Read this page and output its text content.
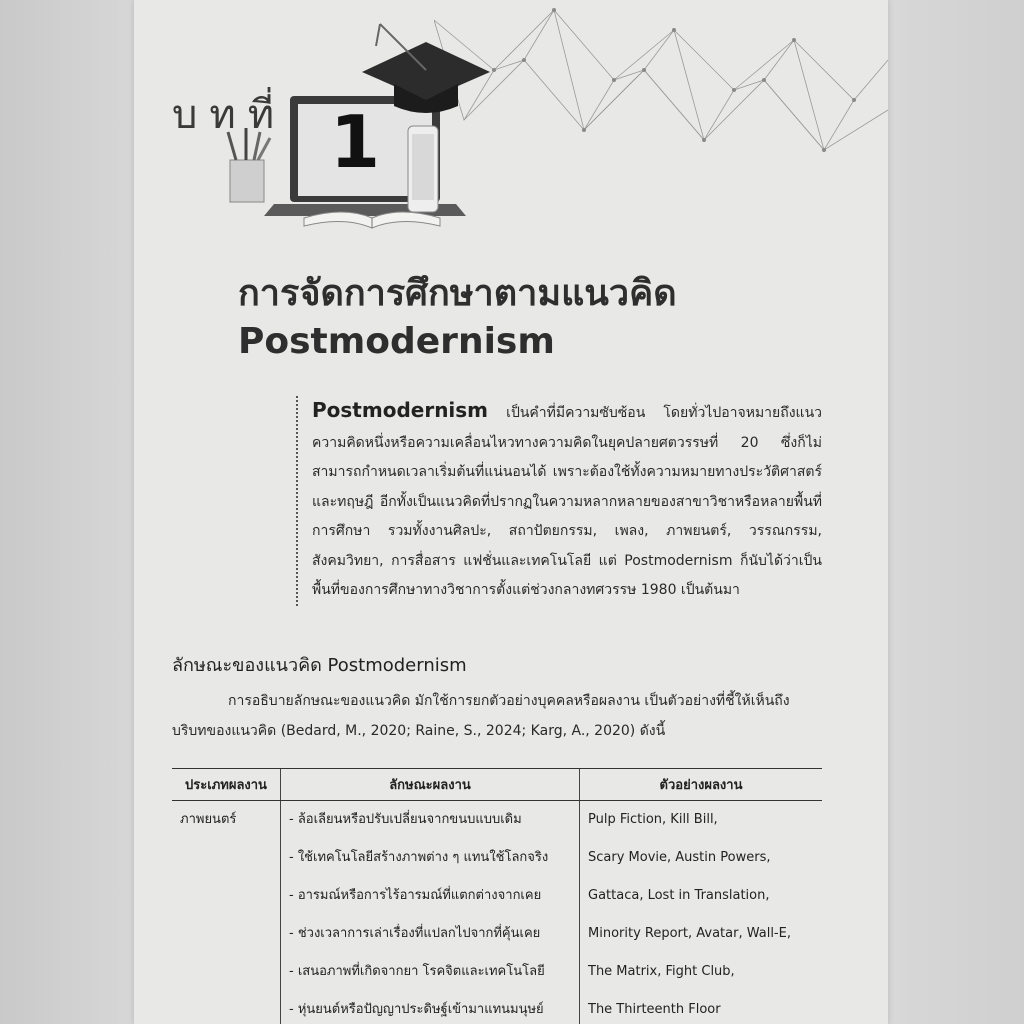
บทที่ 1
การจัดการศึกษาตามแนวคิด
Postmodernism
Postmodernism เป็นคำที่มีความซับซ้อน โดยทั่วไปอาจหมายถึงแนวความคิดหนึ่งหรือความเคลื่อนไหวทางความคิดในยุคปลายศตวรรษที่ 20 ซึ่งก็ไม่สามารถกำหนดเวลาเริ่มต้นที่แน่นอนได้ เพราะต้องใช้ทั้งความหมายทางประวัติศาสตร์และทฤษฎี อีกทั้งเป็นแนวคิดที่ปรากฏในความหลากหลายของสาขาวิชาหรือหลายพื้นที่การศึกษา รวมทั้งงานศิลปะ, สถาปัตยกรรม, เพลง, ภาพยนตร์, วรรณกรรม, สังคมวิทยา, การสื่อสาร แฟชั่นและเทคโนโลยี แต่ Postmodernism ก็นับได้ว่าเป็นพื้นที่ของการศึกษาทางวิชาการตั้งแต่ช่วงกลางทศวรรษ 1980 เป็นต้นมา
ลักษณะของแนวคิด Postmodernism
การอธิบายลักษณะของแนวคิด มักใช้การยกตัวอย่างบุคคลหรือผลงาน เป็นตัวอย่างที่ชี้ให้เห็นถึงบริบทของแนวคิด (Bedard, M., 2020; Raine, S., 2024; Karg, A., 2020) ดังนี้
ประเภทผลงาน	ลักษณะผลงาน	ตัวอย่างผลงาน
ภาพยนตร์	- ล้อเลียนหรือปรับเปลี่ยนจากขนบแบบเดิม	Pulp Fiction, Kill Bill,
	- ใช้เทคโนโลยีสร้างภาพต่าง ๆ แทนใช้โลกจริง	Scary Movie, Austin Powers,
	- อารมณ์หรือการไร้อารมณ์ที่แตกต่างจากเคย	Gattaca, Lost in Translation,
	- ช่วงเวลาการเล่าเรื่องที่แปลกไปจากที่คุ้นเคย	Minority Report, Avatar, Wall-E,
	- เสนอภาพที่เกิดจากยา โรคจิตและเทคโนโลยี	The Matrix, Fight Club,
	- หุ่นยนต์หรือปัญญาประดิษฐ์เข้ามาแทนมนุษย์	The Thirteenth Floor
